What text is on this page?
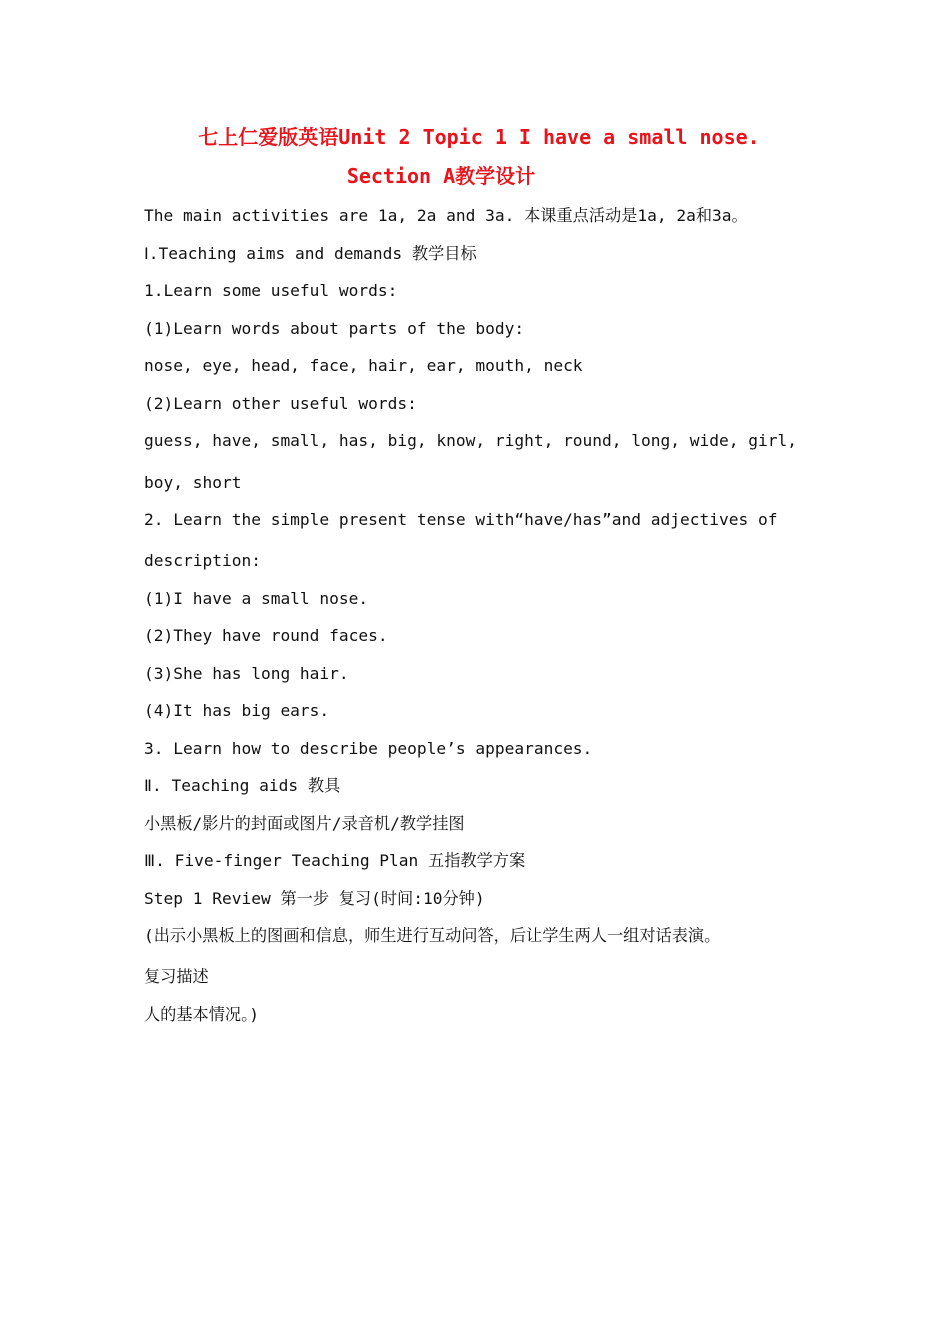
七上仁爱版英语Unit 2 Topic 1 I have a small nose.
Section A教学设计
The main activities are 1a, 2a and 3a. 本课重点活动是1a, 2a和3a。
Ⅰ.Teaching aims and demands 教学目标
1.Learn some useful words:
(1)Learn words about parts of the body:
nose, eye, head, face, hair, ear, mouth, neck
(2)Learn other useful words:
guess, have, small, has, big, know, right, round, long, wide, girl,
boy, short
2. Learn the simple present tense with“have/has”and adjectives of
description:
(1)I have a small nose.
(2)They have round faces.
(3)She has long hair.
(4)It has big ears.
3. Learn how to describe people’s appearances.
Ⅱ. Teaching aids 教具
小黑板/影片的封面或图片/录音机/教学挂图
Ⅲ. Five-finger Teaching Plan 五指教学方案
Step 1 Review 第一步 复习(时间:10分钟)
(出示小黑板上的图画和信息，师生进行互动问答，后让学生两人一组对话表演。
复习描述
人的基本情况。)
